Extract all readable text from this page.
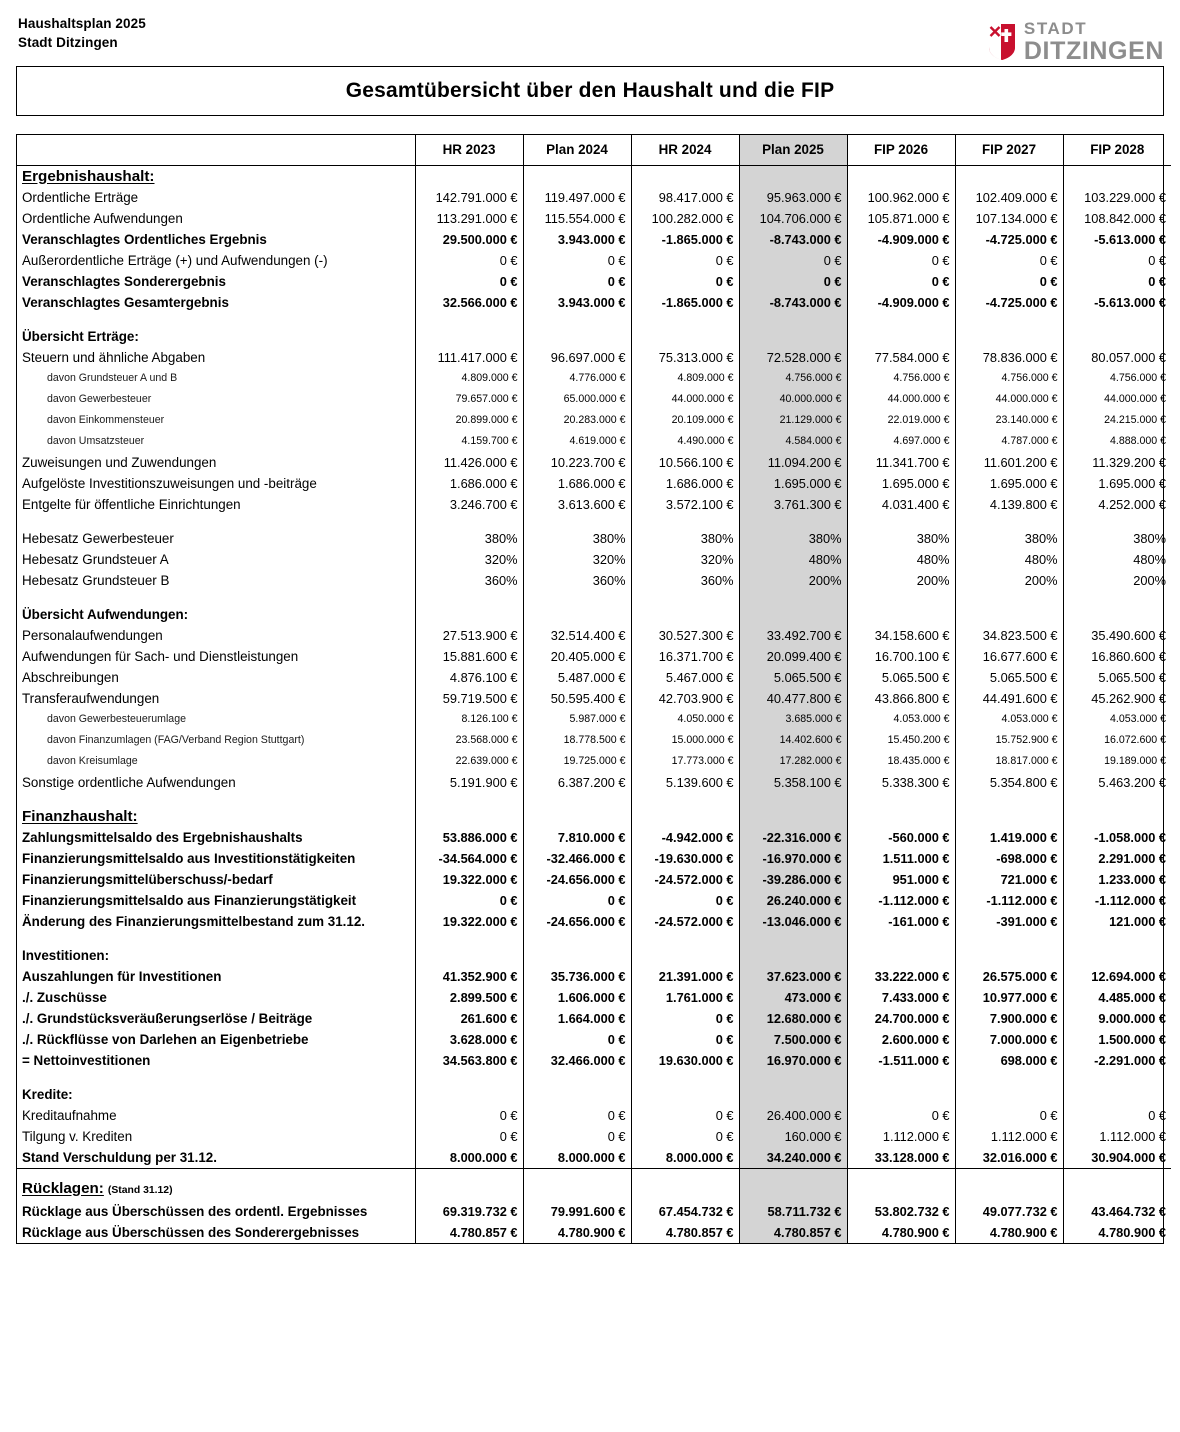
Haushaltsplan 2025
Stadt Ditzingen
STADT
DITZINGEN
Gesamtübersicht über den Haushalt und die FIP
	HR 2023	Plan 2024	HR 2024	Plan 2025	FIP 2026	FIP 2027	FIP 2028
Ergebnishaushalt:							
Ordentliche Erträge	142.791.000 €	119.497.000 €	98.417.000 €	95.963.000 €	100.962.000 €	102.409.000 €	103.229.000 €
Ordentliche Aufwendungen	113.291.000 €	115.554.000 €	100.282.000 €	104.706.000 €	105.871.000 €	107.134.000 €	108.842.000 €
Veranschlagtes Ordentliches Ergebnis	29.500.000 €	3.943.000 €	-1.865.000 €	-8.743.000 €	-4.909.000 €	-4.725.000 €	-5.613.000 €
Außerordentliche Erträge (+) und Aufwendungen (-)	0 €	0 €	0 €	0 €	0 €	0 €	0 €
Veranschlagtes Sonderergebnis	0 €	0 €	0 €	0 €	0 €	0 €	0 €
Veranschlagtes Gesamtergebnis	32.566.000 €	3.943.000 €	-1.865.000 €	-8.743.000 €	-4.909.000 €	-4.725.000 €	-5.613.000 €

Übersicht Erträge:							
Steuern und ähnliche Abgaben	111.417.000 €	96.697.000 €	75.313.000 €	72.528.000 €	77.584.000 €	78.836.000 €	80.057.000 €
davon Grundsteuer A und B	4.809.000 €	4.776.000 €	4.809.000 €	4.756.000 €	4.756.000 €	4.756.000 €	4.756.000 €
davon Gewerbesteuer	79.657.000 €	65.000.000 €	44.000.000 €	40.000.000 €	44.000.000 €	44.000.000 €	44.000.000 €
davon Einkommensteuer	20.899.000 €	20.283.000 €	20.109.000 €	21.129.000 €	22.019.000 €	23.140.000 €	24.215.000 €
davon Umsatzsteuer	4.159.700 €	4.619.000 €	4.490.000 €	4.584.000 €	4.697.000 €	4.787.000 €	4.888.000 €
Zuweisungen und Zuwendungen	11.426.000 €	10.223.700 €	10.566.100 €	11.094.200 €	11.341.700 €	11.601.200 €	11.329.200 €
Aufgelöste Investitionszuweisungen und -beiträge	1.686.000 €	1.686.000 €	1.686.000 €	1.695.000 €	1.695.000 €	1.695.000 €	1.695.000 €
Entgelte für öffentliche Einrichtungen	3.246.700 €	3.613.600 €	3.572.100 €	3.761.300 €	4.031.400 €	4.139.800 €	4.252.000 €

Hebesatz Gewerbesteuer	380%	380%	380%	380%	380%	380%	380%
Hebesatz Grundsteuer A	320%	320%	320%	480%	480%	480%	480%
Hebesatz Grundsteuer B	360%	360%	360%	200%	200%	200%	200%

Übersicht Aufwendungen:							
Personalaufwendungen	27.513.900 €	32.514.400 €	30.527.300 €	33.492.700 €	34.158.600 €	34.823.500 €	35.490.600 €
Aufwendungen für Sach- und Dienstleistungen	15.881.600 €	20.405.000 €	16.371.700 €	20.099.400 €	16.700.100 €	16.677.600 €	16.860.600 €
Abschreibungen	4.876.100 €	5.487.000 €	5.467.000 €	5.065.500 €	5.065.500 €	5.065.500 €	5.065.500 €
Transferaufwendungen	59.719.500 €	50.595.400 €	42.703.900 €	40.477.800 €	43.866.800 €	44.491.600 €	45.262.900 €
davon Gewerbesteuerumlage	8.126.100 €	5.987.000 €	4.050.000 €	3.685.000 €	4.053.000 €	4.053.000 €	4.053.000 €
davon Finanzumlagen (FAG/Verband Region Stuttgart)	23.568.000 €	18.778.500 €	15.000.000 €	14.402.600 €	15.450.200 €	15.752.900 €	16.072.600 €
davon Kreisumlage	22.639.000 €	19.725.000 €	17.773.000 €	17.282.000 €	18.435.000 €	18.817.000 €	19.189.000 €
Sonstige ordentliche Aufwendungen	5.191.900 €	6.387.200 €	5.139.600 €	5.358.100 €	5.338.300 €	5.354.800 €	5.463.200 €

Finanzhaushalt:							
Zahlungsmittelsaldo des Ergebnishaushalts	53.886.000 €	7.810.000 €	-4.942.000 €	-22.316.000 €	-560.000 €	1.419.000 €	-1.058.000 €
Finanzierungsmittelsaldo aus Investitionstätigkeiten	-34.564.000 €	-32.466.000 €	-19.630.000 €	-16.970.000 €	1.511.000 €	-698.000 €	2.291.000 €
Finanzierungsmittelüberschuss/-bedarf	19.322.000 €	-24.656.000 €	-24.572.000 €	-39.286.000 €	951.000 €	721.000 €	1.233.000 €
Finanzierungsmittelsaldo aus Finanzierungstätigkeit	0 €	0 €	0 €	26.240.000 €	-1.112.000 €	-1.112.000 €	-1.112.000 €
Änderung des Finanzierungsmittelbestand zum 31.12.	19.322.000 €	-24.656.000 €	-24.572.000 €	-13.046.000 €	-161.000 €	-391.000 €	121.000 €

Investitionen:							
Auszahlungen für Investitionen	41.352.900 €	35.736.000 €	21.391.000 €	37.623.000 €	33.222.000 €	26.575.000 €	12.694.000 €
./. Zuschüsse	2.899.500 €	1.606.000 €	1.761.000 €	473.000 €	7.433.000 €	10.977.000 €	4.485.000 €
./. Grundstücksveräußerungserlöse / Beiträge	261.600 €	1.664.000 €	0 €	12.680.000 €	24.700.000 €	7.900.000 €	9.000.000 €
./. Rückflüsse von Darlehen an Eigenbetriebe	3.628.000 €	0 €	0 €	7.500.000 €	2.600.000 €	7.000.000 €	1.500.000 €
= Nettoinvestitionen	34.563.800 €	32.466.000 €	19.630.000 €	16.970.000 €	-1.511.000 €	698.000 €	-2.291.000 €

Kredite:							
Kreditaufnahme	0 €	0 €	0 €	26.400.000 €	0 €	0 €	0 €
Tilgung v. Krediten	0 €	0 €	0 €	160.000 €	1.112.000 €	1.112.000 €	1.112.000 €
Stand Verschuldung per 31.12.	8.000.000 €	8.000.000 €	8.000.000 €	34.240.000 €	33.128.000 €	32.016.000 €	30.904.000 €

Rücklagen: (Stand 31.12)							
Rücklage aus Überschüssen des ordentl. Ergebnisses	69.319.732 €	79.991.600 €	67.454.732 €	58.711.732 €	53.802.732 €	49.077.732 €	43.464.732 €
Rücklage aus Überschüssen des Sonderergebnisses	4.780.857 €	4.780.900 €	4.780.857 €	4.780.857 €	4.780.900 €	4.780.900 €	4.780.900 €
